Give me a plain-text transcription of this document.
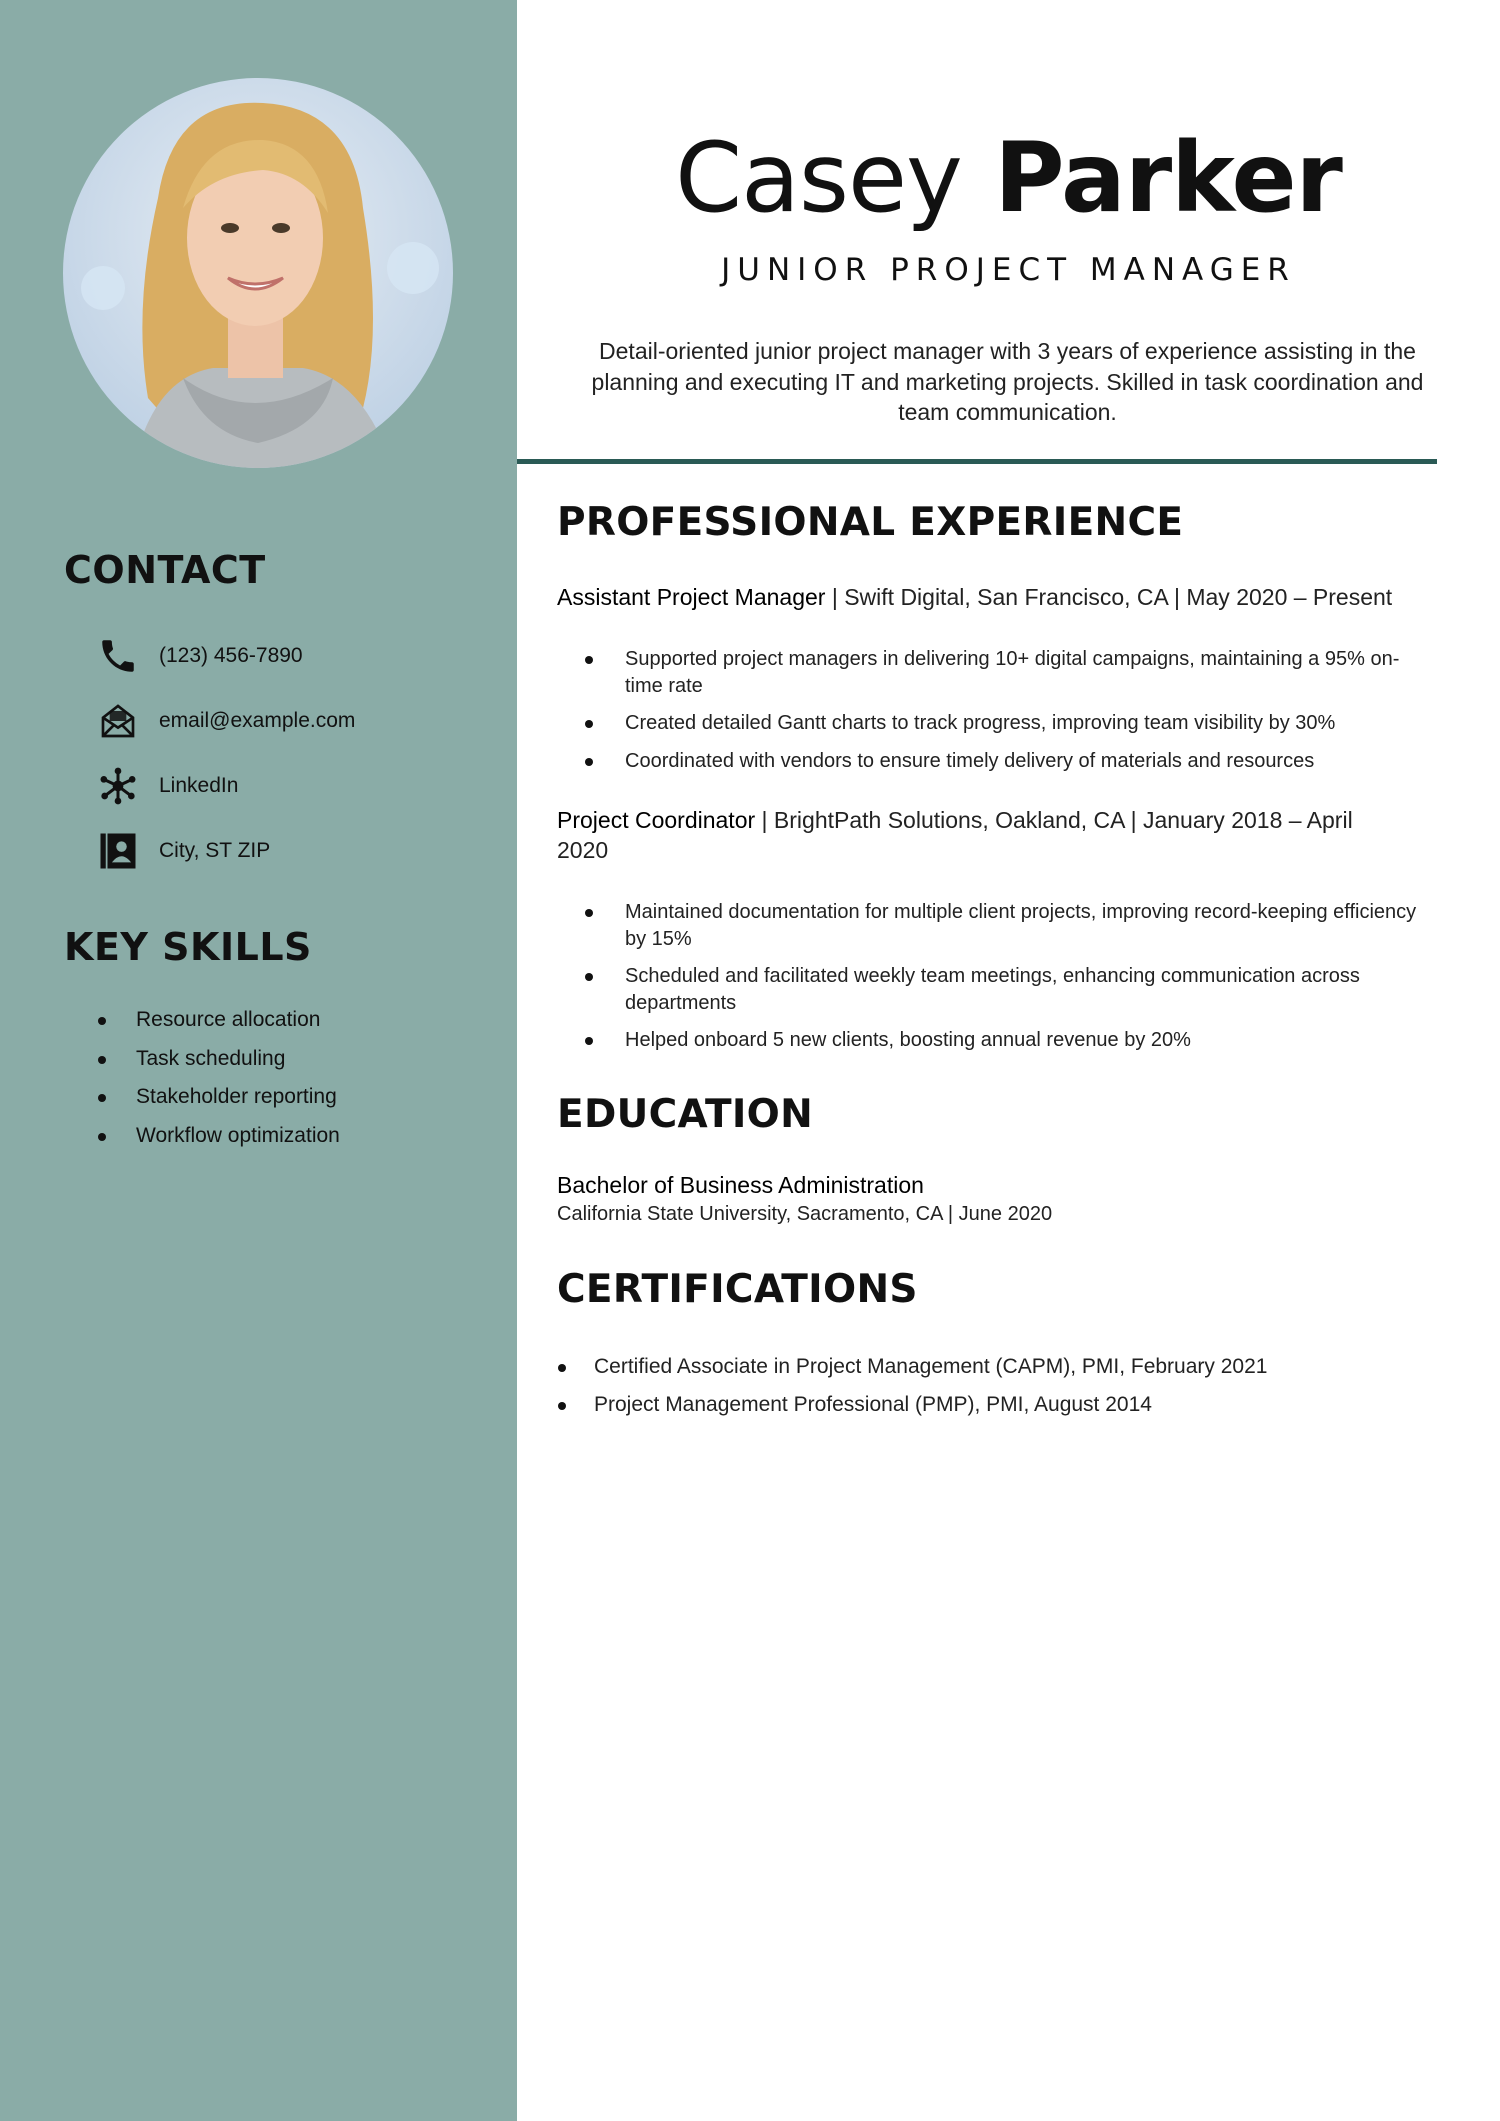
CONTACT
(123) 456-7890
email@example.com
LinkedIn
City, ST ZIP
KEY SKILLS
Resource allocation
Task scheduling
Stakeholder reporting
Workflow optimization
Casey Parker

JUNIOR PROJECT MANAGER

Detail-oriented junior project manager with 3 years of experience assisting in the planning and executing IT and marketing projects. Skilled in task coordination and team communication.

PROFESSIONAL EXPERIENCE

Assistant Project Manager | Swift Digital, San Francisco, CA | May 2020 – Present

Supported project managers in delivering 10+ digital campaigns, maintaining a 95% on-time rate
Created detailed Gantt charts to track progress, improving team visibility by 30%
Coordinated with vendors to ensure timely delivery of materials and resources

Project Coordinator | BrightPath Solutions, Oakland, CA | January 2018 – April 2020

Maintained documentation for multiple client projects, improving record-keeping efficiency by 15%
Scheduled and facilitated weekly team meetings, enhancing communication across departments
Helped onboard 5 new clients, boosting annual revenue by 20%
EDUCATION

Bachelor of Business Administration

California State University, Sacramento, CA | June 2020

CERTIFICATIONS
Certified Associate in Project Management (CAPM), PMI, February 2021
Project Management Professional (PMP), PMI, August 2014
